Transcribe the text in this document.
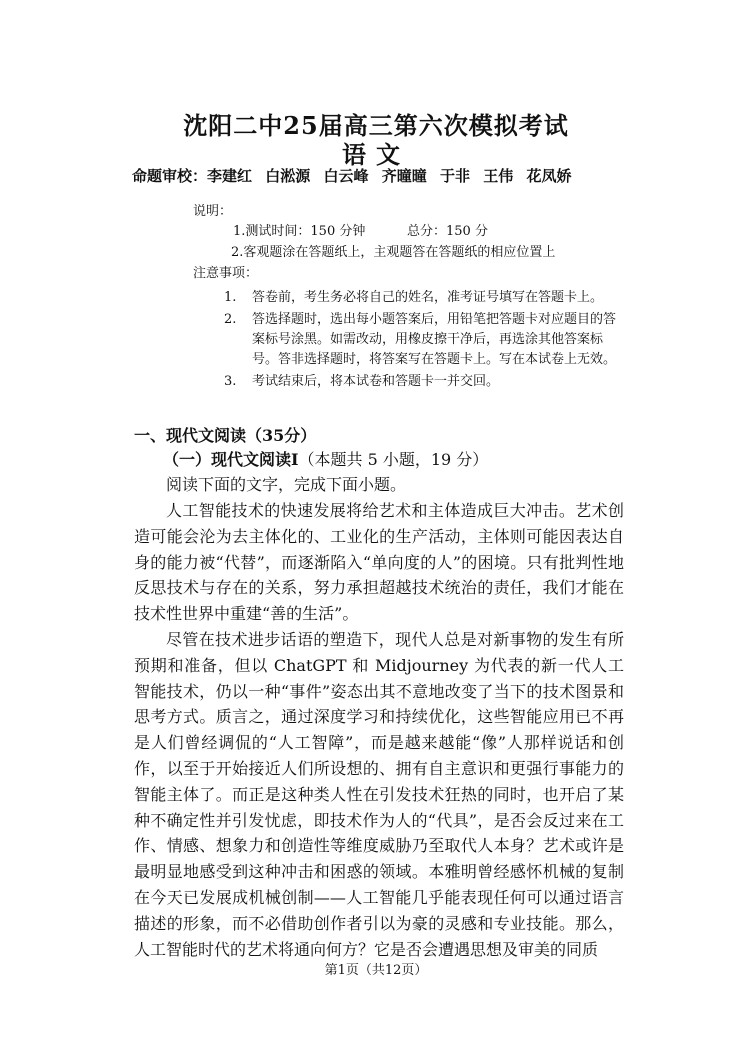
沈阳二中25届高三第六次模拟考试
语文
命题审校：李建红 白淞源 白云峰 齐曈曈 于非 王伟 花凤娇
说明：
1.测试时间：150 分钟	总分：150 分
2.客观题涂在答题纸上，主观题答在答题纸的相应位置上
注意事项：
1. 答卷前，考生务必将自己的姓名，准考证号填写在答题卡上。
2. 答选择题时，选出每小题答案后，用铅笔把答题卡对应题目的答案标号涂黑。如需改动，用橡皮擦干净后，再选涂其他答案标号。答非选择题时，将答案写在答题卡上。写在本试卷上无效。
3. 考试结束后，将本试卷和答题卡一并交回。
一、现代文阅读（35分）
（一）现代文阅读Ⅰ（本题共 5 小题，19 分）
阅读下面的文字，完成下面小题。

人工智能技术的快速发展将给艺术和主体造成巨大冲击。艺术创造可能会沦为去主体化的、工业化的生产活动，主体则可能因表达自身的能力被“代替”，而逐渐陷入“单向度的人”的困境。只有批判性地反思技术与存在的关系，努力承担超越技术统治的责任，我们才能在技术性世界中重建“善的生活”。

尽管在技术进步话语的塑造下，现代人总是对新事物的发生有所预期和准备，但以 ChatGPT 和 Midjourney 为代表的新一代人工智能技术，仍以一种“事件”姿态出其不意地改变了当下的技术图景和思考方式。质言之，通过深度学习和持续优化，这些智能应用已不再是人们曾经调侃的“人工智障”，而是越来越能“像”人那样说话和创作，以至于开始接近人们所设想的、拥有自主意识和更强行事能力的智能主体了。而正是这种类人性在引发技术狂热的同时，也开启了某种不确定性并引发忧虑，即技术作为人的“代具”，是否会反过来在工作、情感、想象力和创造性等维度威胁乃至取代人本身？艺术或许是最明显地感受到这种冲击和困惑的领域。本雅明曾经感怀机械的复制在今天已发展成机械创制——人工智能几乎能表现任何可以通过语言描述的形象，而不必借助创作者引以为豪的灵感和专业技能。那么，人工智能时代的艺术将通向何方？它是否会遭遇思想及审美的同质

第1页（共12页）
